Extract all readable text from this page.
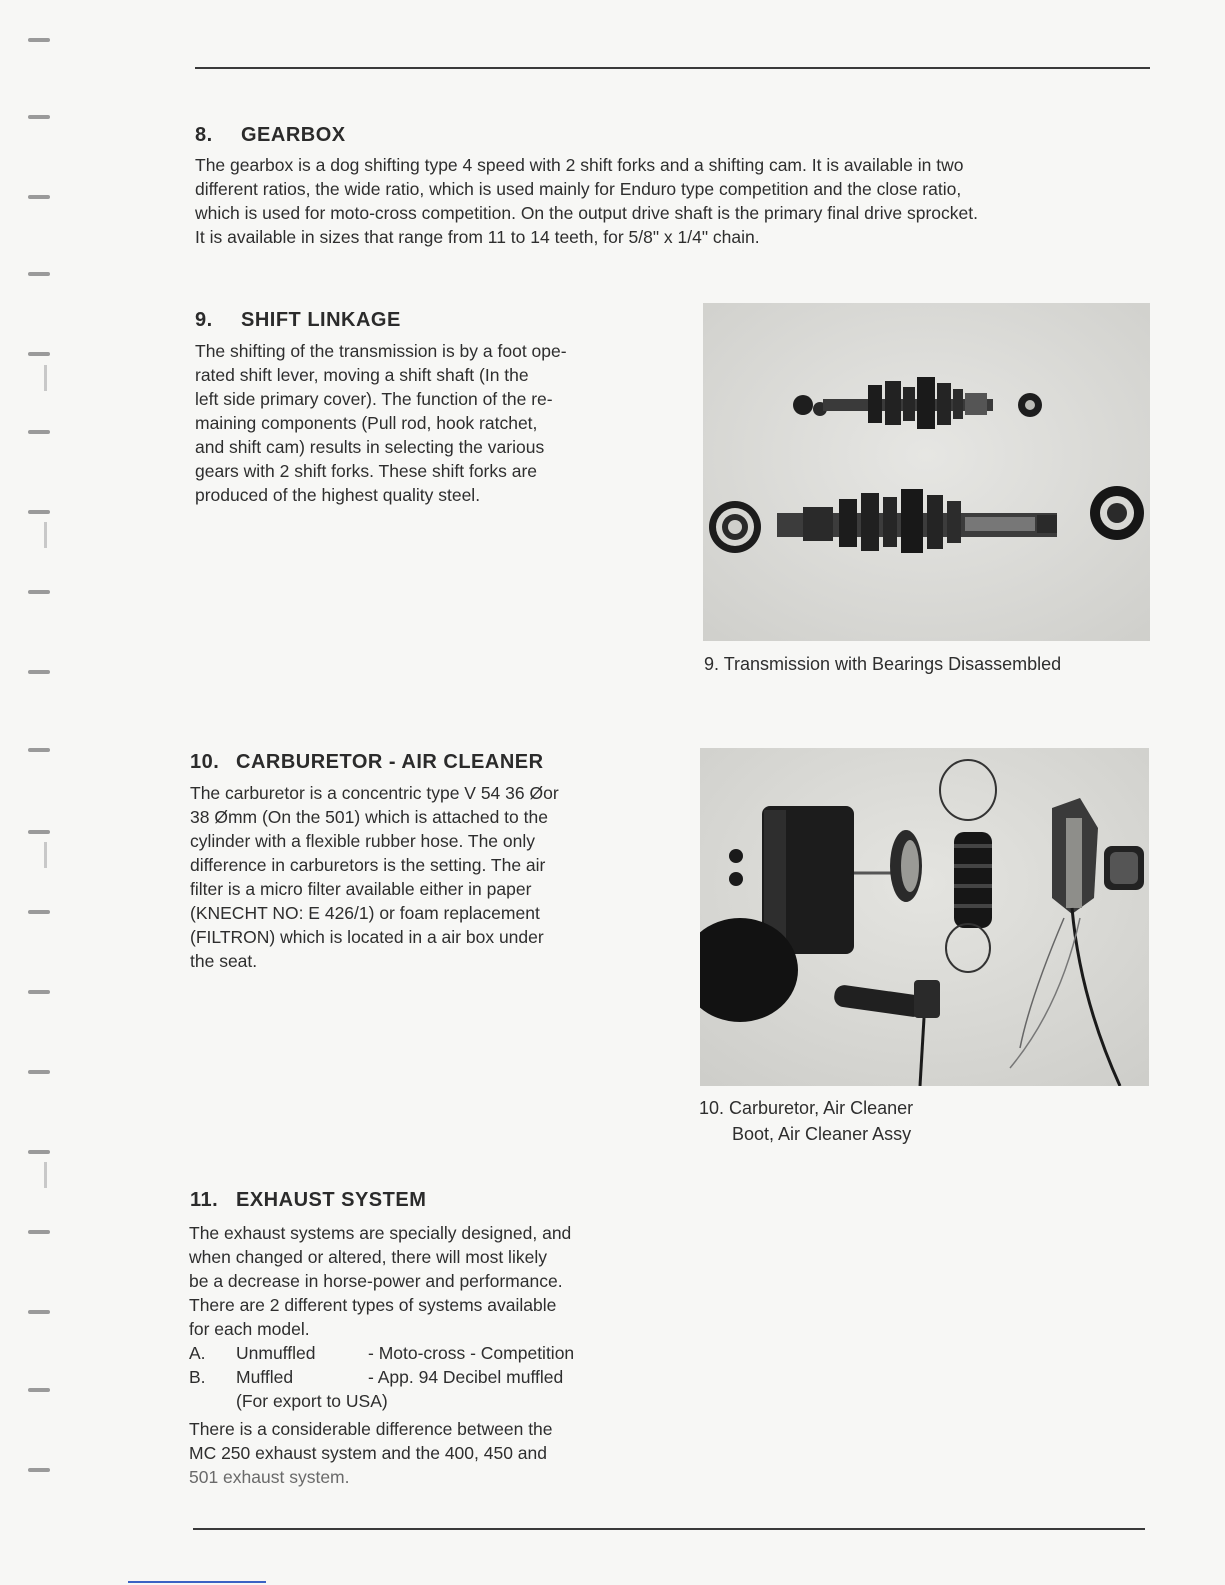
8. GEARBOX
The gearbox is a dog shifting type 4 speed with 2 shift forks and a shifting cam. It is available in two
different ratios, the wide ratio, which is used mainly for Enduro type competition and the close ratio,
which is used for moto-cross competition. On the output drive shaft is the primary final drive sprocket.
It is available in sizes that range from 11 to 14 teeth, for 5/8" x 1/4" chain.
9. SHIFT LINKAGE
The shifting of the transmission is by a foot ope-
rated shift lever, moving a shift shaft (In the
left side primary cover). The function of the re-
maining components (Pull rod, hook ratchet,
and shift cam) results in selecting the various
gears with 2 shift forks. These shift forks are
produced of the highest quality steel.
9. Transmission with Bearings Disassembled
10. CARBURETOR - AIR CLEANER
The carburetor is a concentric type V 54 36 Øor
38 Ømm (On the 501) which is attached to the
cylinder with a flexible rubber hose. The only
difference in carburetors is the setting. The air
filter is a micro filter available either in paper
(KNECHT NO: E 426/1) or foam replacement
(FILTRON) which is located in a air box under
the seat.
10. Carburetor, Air Cleaner
Boot, Air Cleaner Assy
11. EXHAUST SYSTEM
The exhaust systems are specially designed, and
when changed or altered, there will most likely
be a decrease in horse-power and performance.
There are 2 different types of systems available
for each model.
A. Unmuffled	- Moto-cross - Competition
B. Muffled	- App. 94 Decibel muffled
(For export to USA)
There is a considerable difference between the
MC 250 exhaust system and the 400, 450 and
501 exhaust system.
